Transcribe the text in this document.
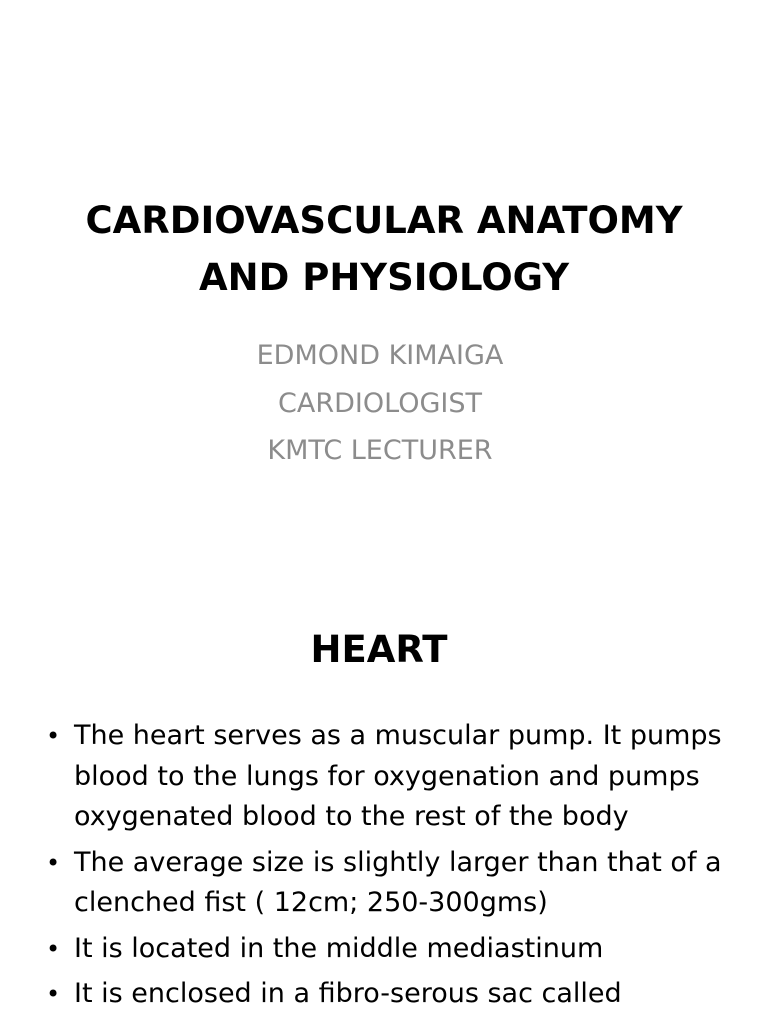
CARDIOVASCULAR ANATOMY
AND PHYSIOLOGY
EDMOND KIMAIGA
CARDIOLOGIST
KMTC LECTURER
HEART
• The heart serves as a muscular pump. It pumps
blood to the lungs for oxygenation and pumps
oxygenated blood to the rest of the body
• The average size is slightly larger than that of a
clenched fist ( 12cm; 250-300gms)
• It is located in the middle mediastinum
• It is enclosed in a fibro-serous sac called
